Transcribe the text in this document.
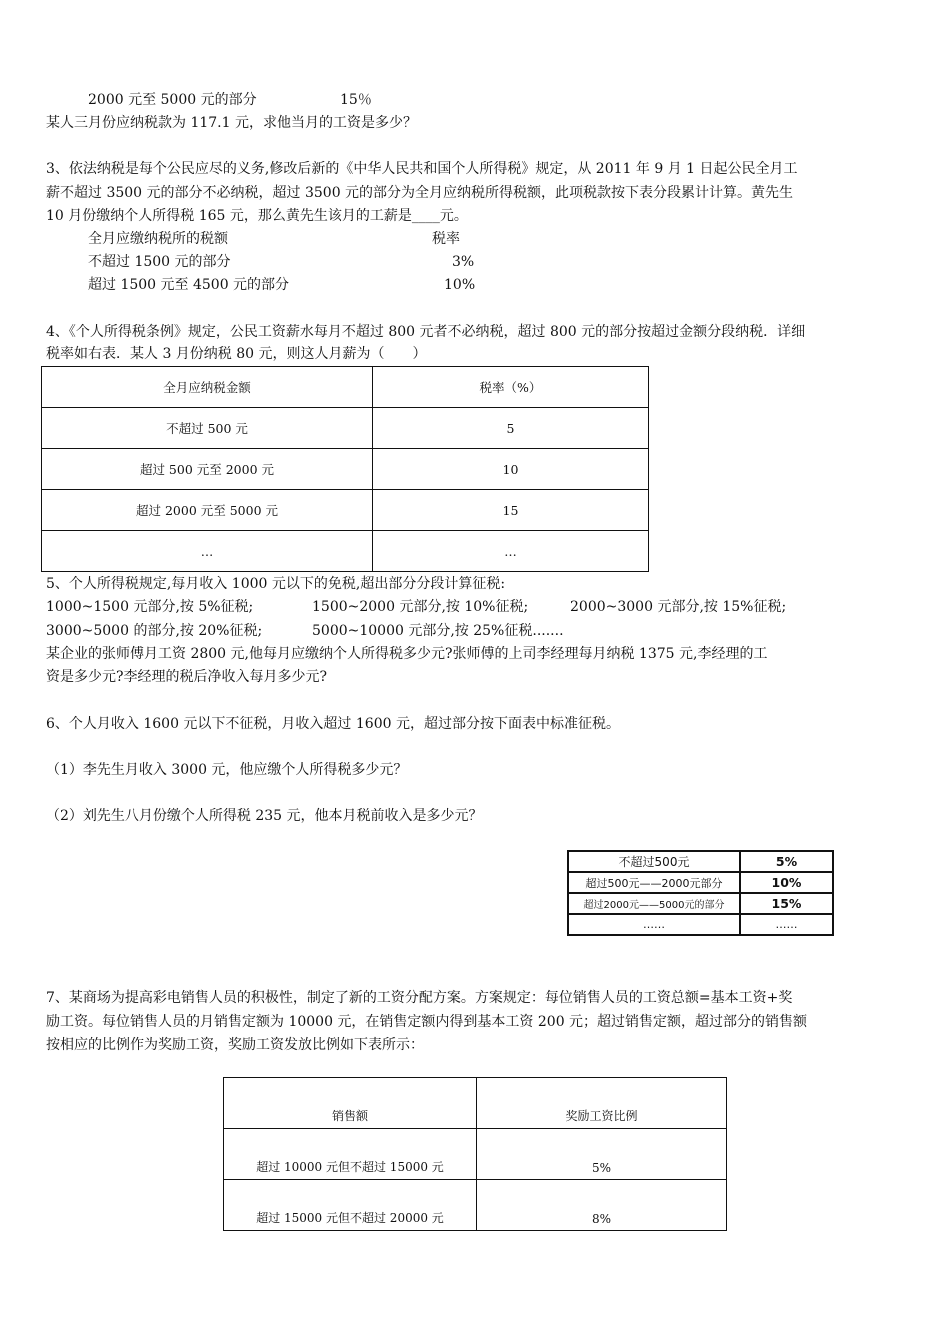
2000 元至 5000 元的部分	15％
某人三月份应纳税款为 117.1 元，求他当月的工资是多少？
3、依法纳税是每个公民应尽的义务,修改后新的《中华人民共和国个人所得税》规定，从 2011 年 9 月 1 日起公民全月工
薪不超过 3500 元的部分不必纳税，超过 3500 元的部分为全月应纳税所得税额，此项税款按下表分段累计计算。黄先生
10 月份缴纳个人所得税 165 元，那么黄先生该月的工薪是____元。
全月应缴纳税所的税额	税率
不超过 1500 元的部分	3%
超过 1500 元至 4500 元的部分	10%
4、《个人所得税条例》规定，公民工资薪水每月不超过 800 元者不必纳税，超过 800 元的部分按超过金额分段纳税．详细
税率如右表．某人 3 月份纳税 80 元，则这人月薪为（　　）
全月应纳税金额	税率（%）
不超过 500 元	5
超过 500 元至 2000 元	10
超过 2000 元至 5000 元	15
…	…
5、个人所得税规定,每月收入 1000 元以下的免税,超出部分分段计算征税:
1000~1500 元部分,按 5%征税;	1500~2000 元部分,按 10%征税;	2000~3000 元部分,按 15%征税;
3000~5000 的部分,按 20%征税;	5000~10000 元部分,按 25%征税.......
某企业的张师傅月工资 2800 元,他每月应缴纳个人所得税多少元?张师傅的上司李经理每月纳税 1375 元,李经理的工
资是多少元?李经理的税后净收入每月多少元?
6、个人月收入 1600 元以下不征税，月收入超过 1600 元，超过部分按下面表中标准征税。
（1）李先生月收入 3000 元，他应缴个人所得税多少元？
（2）刘先生八月份缴个人所得税 235 元，他本月税前收入是多少元？
不超过500元	5%
超过500元——2000元部分	10%
超过2000元——5000元的部分	15%
……	……
7、某商场为提高彩电销售人员的积极性，制定了新的工资分配方案。方案规定：每位销售人员的工资总额=基本工资+奖
励工资。每位销售人员的月销售定额为 10000 元，在销售定额内得到基本工资 200 元；超过销售定额，超过部分的销售额
按相应的比例作为奖励工资，奖励工资发放比例如下表所示：
销售额	奖励工资比例
超过 10000 元但不超过 15000 元	5%
超过 15000 元但不超过 20000 元	8%
